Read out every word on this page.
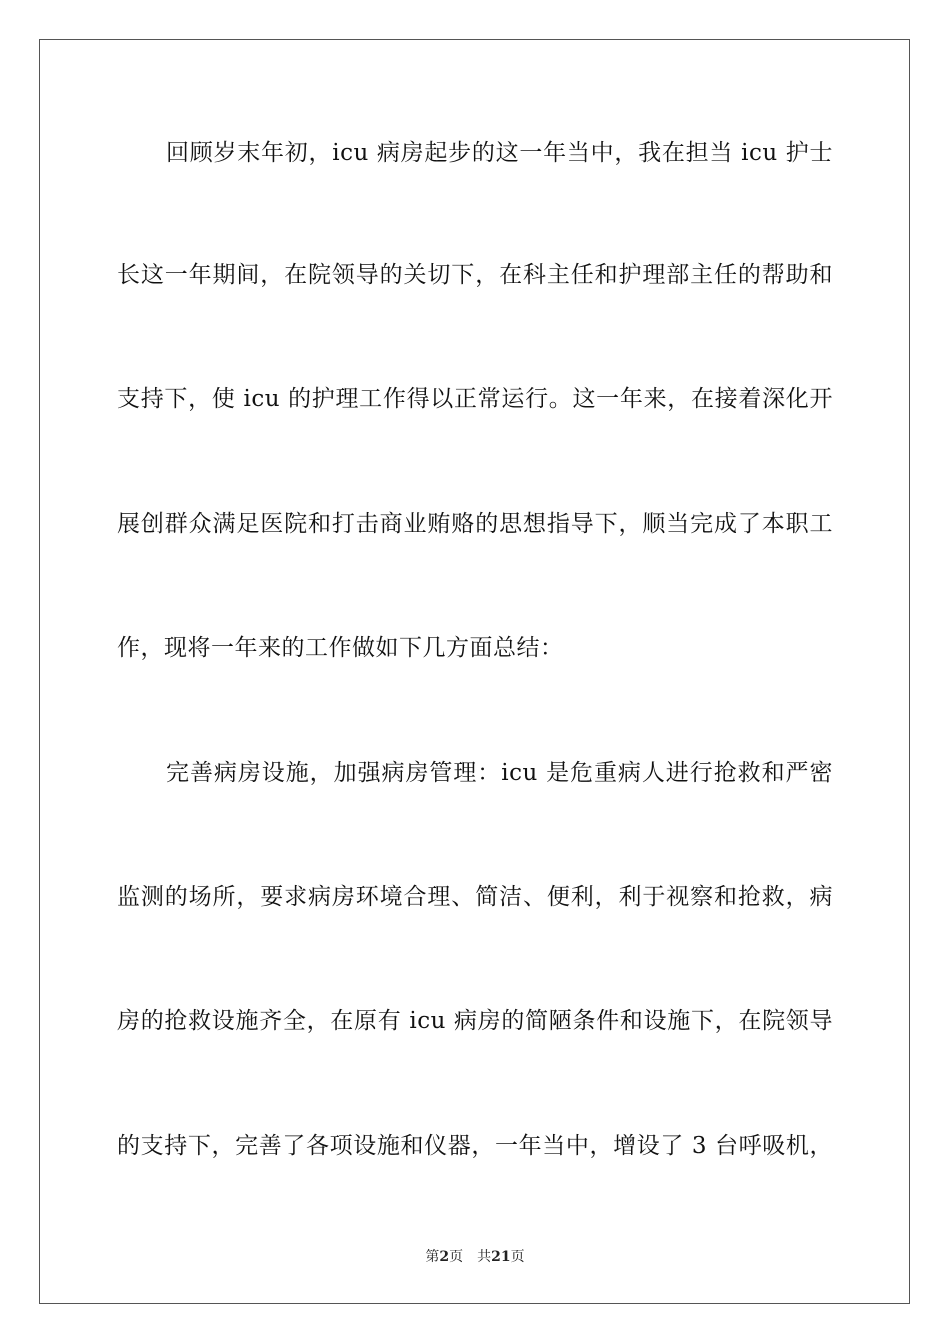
回顾岁末年初，icu 病房起步的这一年当中，我在担当 icu 护士
长这一年期间，在院领导的关切下，在科主任和护理部主任的帮助和
支持下，使 icu 的护理工作得以正常运行。这一年来，在接着深化开
展创群众满足医院和打击商业贿赂的思想指导下，顺当完成了本职工
作，现将一年来的工作做如下几方面总结：
完善病房设施，加强病房管理：icu 是危重病人进行抢救和严密
监测的场所，要求病房环境合理、简洁、便利，利于视察和抢救，病
房的抢救设施齐全，在原有 icu 病房的简陋条件和设施下，在院领导
的支持下，完善了各项设施和仪器，一年当中，增设了 3 台呼吸机，
第2页 共21页
